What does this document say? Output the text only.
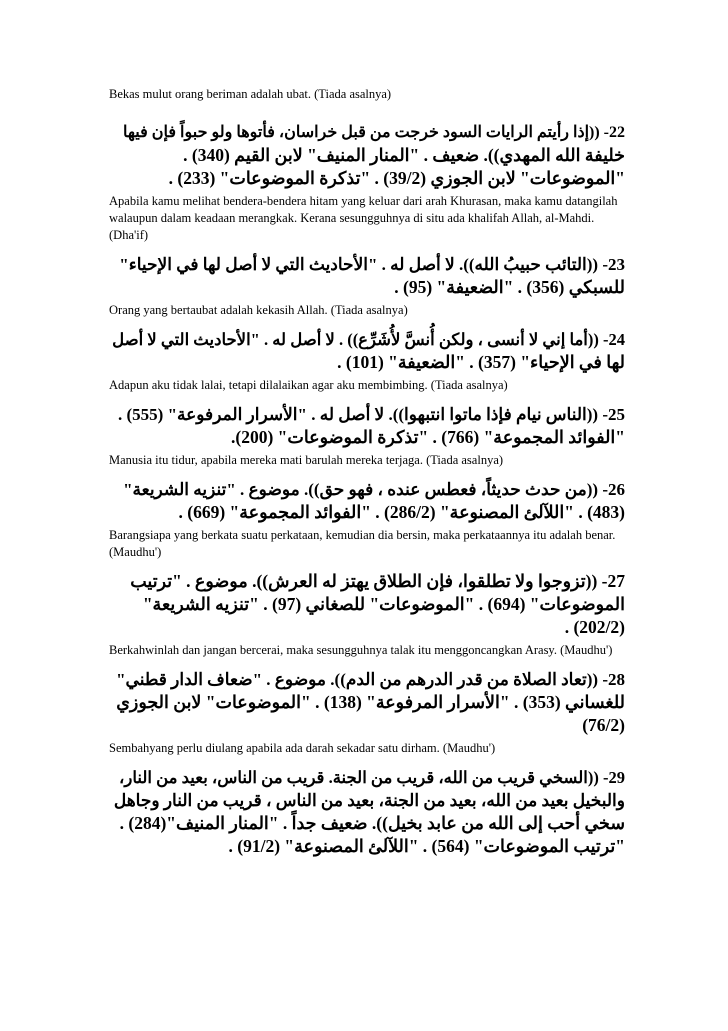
Bekas mulut orang beriman adalah ubat. (Tiada asalnya)
22- ((إذا رأيتم الرايات السود خرجت من قبل خراسان، فأتوها ولو حبواً فإن فيها
خليفة الله المهدي)). ضعيف . "المنار المنيف" لابن القيم (340) .
"الموضوعات" لابن الجوزي (39/2) . "تذكرة الموضوعات" (233) .
Apabila kamu melihat bendera-bendera hitam yang keluar dari arah Khurasan, maka kamu datangilah walaupun dalam keadaan merangkak. Kerana sesungguhnya di situ ada khalifah Allah, al-Mahdi. (Dha'if)
23- ((التائب حبيبُ الله)). لا أصل له . "الأحاديث التي لا أصل لها في الإحياء"
للسبكي (356) . "الضعيفة" (95) .
Orang yang bertaubat adalah kekasih Allah. (Tiada asalnya)
24- ((أما إني لا أنسى ، ولكن أُنسَّ لأُشَرِّع)) . لا أصل له . "الأحاديث التي لا أصل
لها في الإحياء" (357) . "الضعيفة" (101) .
Adapun aku tidak lalai, tetapi dilalaikan agar aku membimbing. (Tiada asalnya)
25- ((الناس نيام فإذا ماتوا انتبهوا)). لا أصل له . "الأسرار المرفوعة" (555) .
"الفوائد المجموعة" (766) . "تذكرة الموضوعات" (200).
Manusia itu tidur, apabila mereka mati barulah mereka terjaga. (Tiada asalnya)
26- ((من حدث حديثاً، فعطس عنده ، فهو حق)). موضوع . "تنزيه الشريعة"
(483) . "اللآلئ المصنوعة" (286/2) . "الفوائد المجموعة" (669) .
Barangsiapa yang berkata suatu perkataan, kemudian dia bersin, maka perkataannya itu adalah benar. (Maudhu')
27- ((تزوجوا ولا تطلقوا، فإن الطلاق يهتز له العرش)). موضوع . "ترتيب
الموضوعات" (694) . "الموضوعات" للصغاني (97) . "تنزيه الشريعة"
(202/2) .
Berkahwinlah dan jangan bercerai, maka sesungguhnya talak itu menggoncangkan Arasy. (Maudhu')
28- ((تعاد الصلاة من قدر الدرهم من الدم)). موضوع . "ضعاف الدار قطني"
للغساني (353) . "الأسرار المرفوعة" (138) . "الموضوعات" لابن الجوزي
(76/2)
Sembahyang perlu diulang apabila ada darah sekadar satu dirham. (Maudhu')
29- ((السخي قريب من الله، قريب من الجنة. قريب من الناس، بعيد من النار،
والبخيل بعيد من الله، بعيد من الجنة، بعيد من الناس ، قريب من النار وجاهل
سخي أحب إلى الله من عابد بخيل)). ضعيف جداً . "المنار المنيف"(284) .
"ترتيب الموضوعات" (564) . "اللآلئ المصنوعة" (91/2) .
